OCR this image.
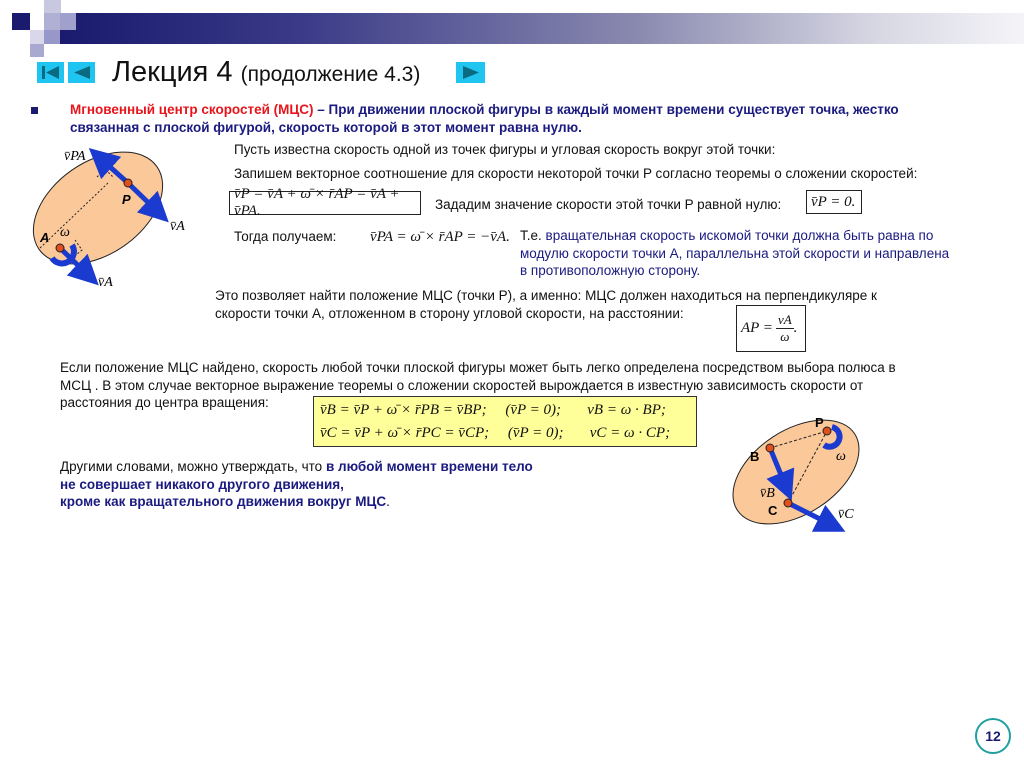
Лекция 4 (продолжение 4.3)
Мгновенный центр скоростей (МЦС) – При движении плоской фигуры в каждый момент времени существует точка, жестко
связанная с плоской фигурой, скорость которой в этот момент равна нулю.
Пусть известна скорость одной из точек фигуры и угловая скорость вокруг этой точки:
Запишем векторное соотношение для скорости некоторой точки P согласно теоремы о сложении скоростей:
v̄P = v̄A + ω̄ × r̄AP = v̄A + v̄PA.	Зададим значение скорости этой точки P равной нулю: v̄P = 0.
Тогда получаем: v̄PA = ω̄ × r̄AP = −v̄A. Т.е. вращательная скорость искомой точки должна быть равна по
модулю скорости точки А, параллельна этой скорости и направлена
в противоположную сторону.
Это позволяет найти положение МЦС (точки P), а именно: МЦС должен находиться на перпендикуляре к
скорости точки A, отложенном в сторону угловой скорости, на расстоянии:
AP = $\frac{vA}{\omega}$ .
Если положение МЦС найдено, скорость любой точки плоской фигуры может быть легко определена посредством выбора полюса в
МСЦ . В этом случае векторное выражение теоремы о сложении скоростей вырождается в известную зависимость скорости от
расстояния до центра вращения:	v̄B = v̄P + ω̄ × r̄PB = v̄BP;     (v̄P = 0);       vB = ω · BP;
v̄C = v̄P + ω̄ × r̄PC = v̄CP;     (v̄P = 0);       vC = ω · CP;
Другими словами, можно утверждать, что в любой момент времени тело
не совершает никакого другого движения,
кроме как вращательного движения вокруг МЦС.
v̄PA
P
v̄A
A ω
v̄A
P
B	ω
v̄B
C	v̄C
12
